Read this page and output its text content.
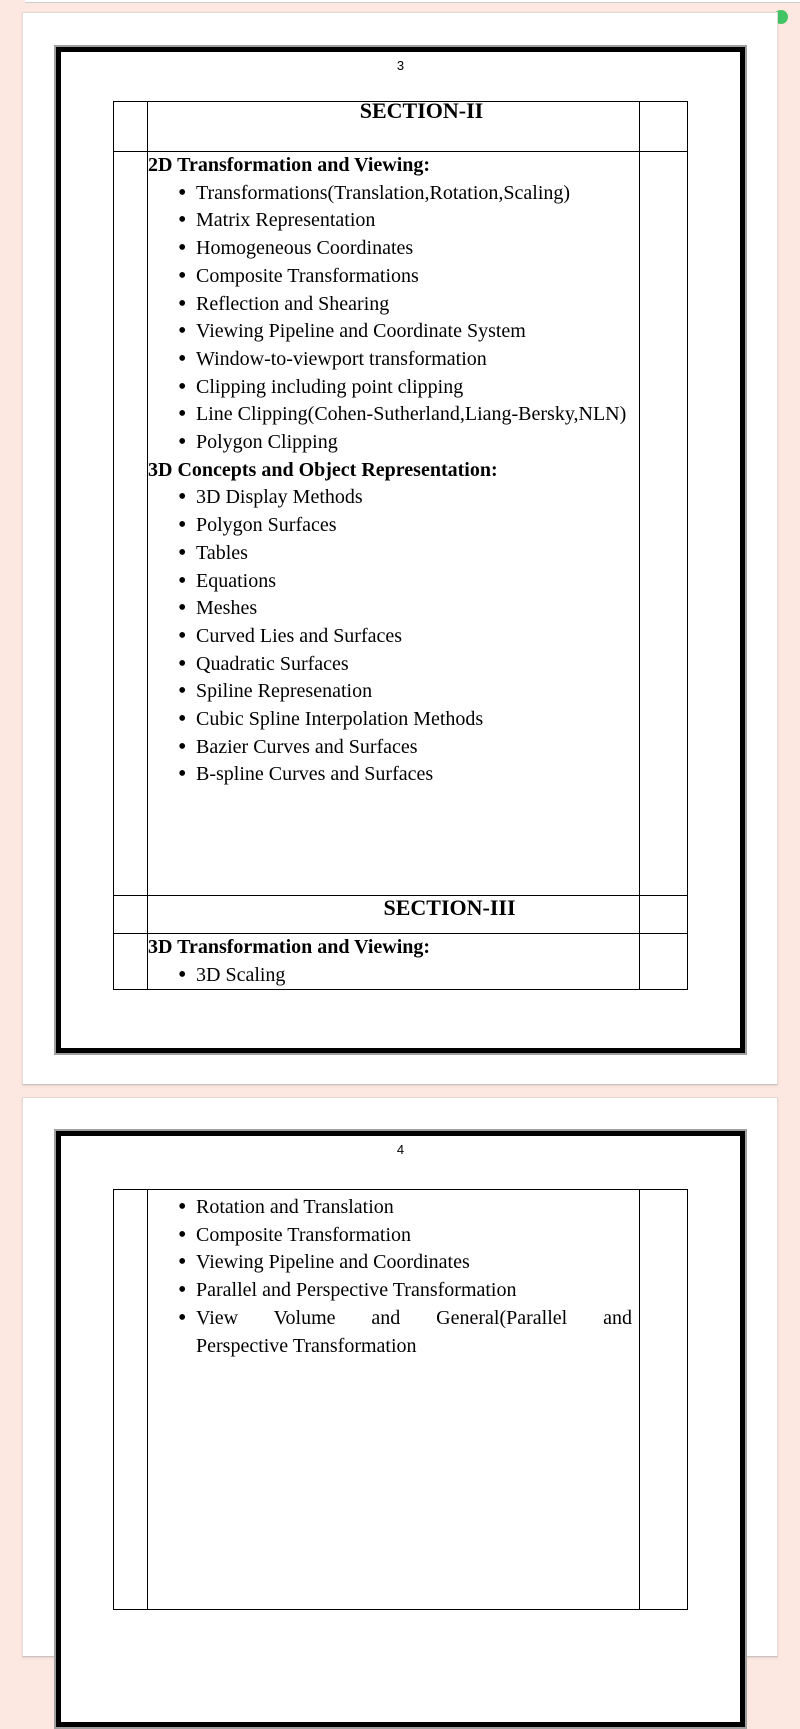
3
	SECTION-II	

2D Transformation and Viewing:
• Transformations(Translation,Rotation,Scaling)
• Matrix Representation
• Homogeneous Coordinates
• Composite Transformations
• Reflection and Shearing
• Viewing Pipeline and Coordinate System
• Window-to-viewport transformation
• Clipping including point clipping
• Line Clipping(Cohen-Sutherland,Liang-Bersky,NLN)
• Polygon Clipping
3D Concepts and Object Representation:
• 3D Display Methods
• Polygon Surfaces
• Tables
• Equations
• Meshes
• Curved Lies and Surfaces
• Quadratic Surfaces
• Spiline Represenation
• Cubic Spline Interpolation Methods
• Bazier Curves and Surfaces
• B-spline Curves and Surfaces

	SECTION-III	

3D Transformation and Viewing:
• 3D Scaling

4

• Rotation and Translation
• Composite Transformation
• Viewing Pipeline and Coordinates
• Parallel and Perspective Transformation
• View Volume and General(Parallel and
Perspective Transformation
